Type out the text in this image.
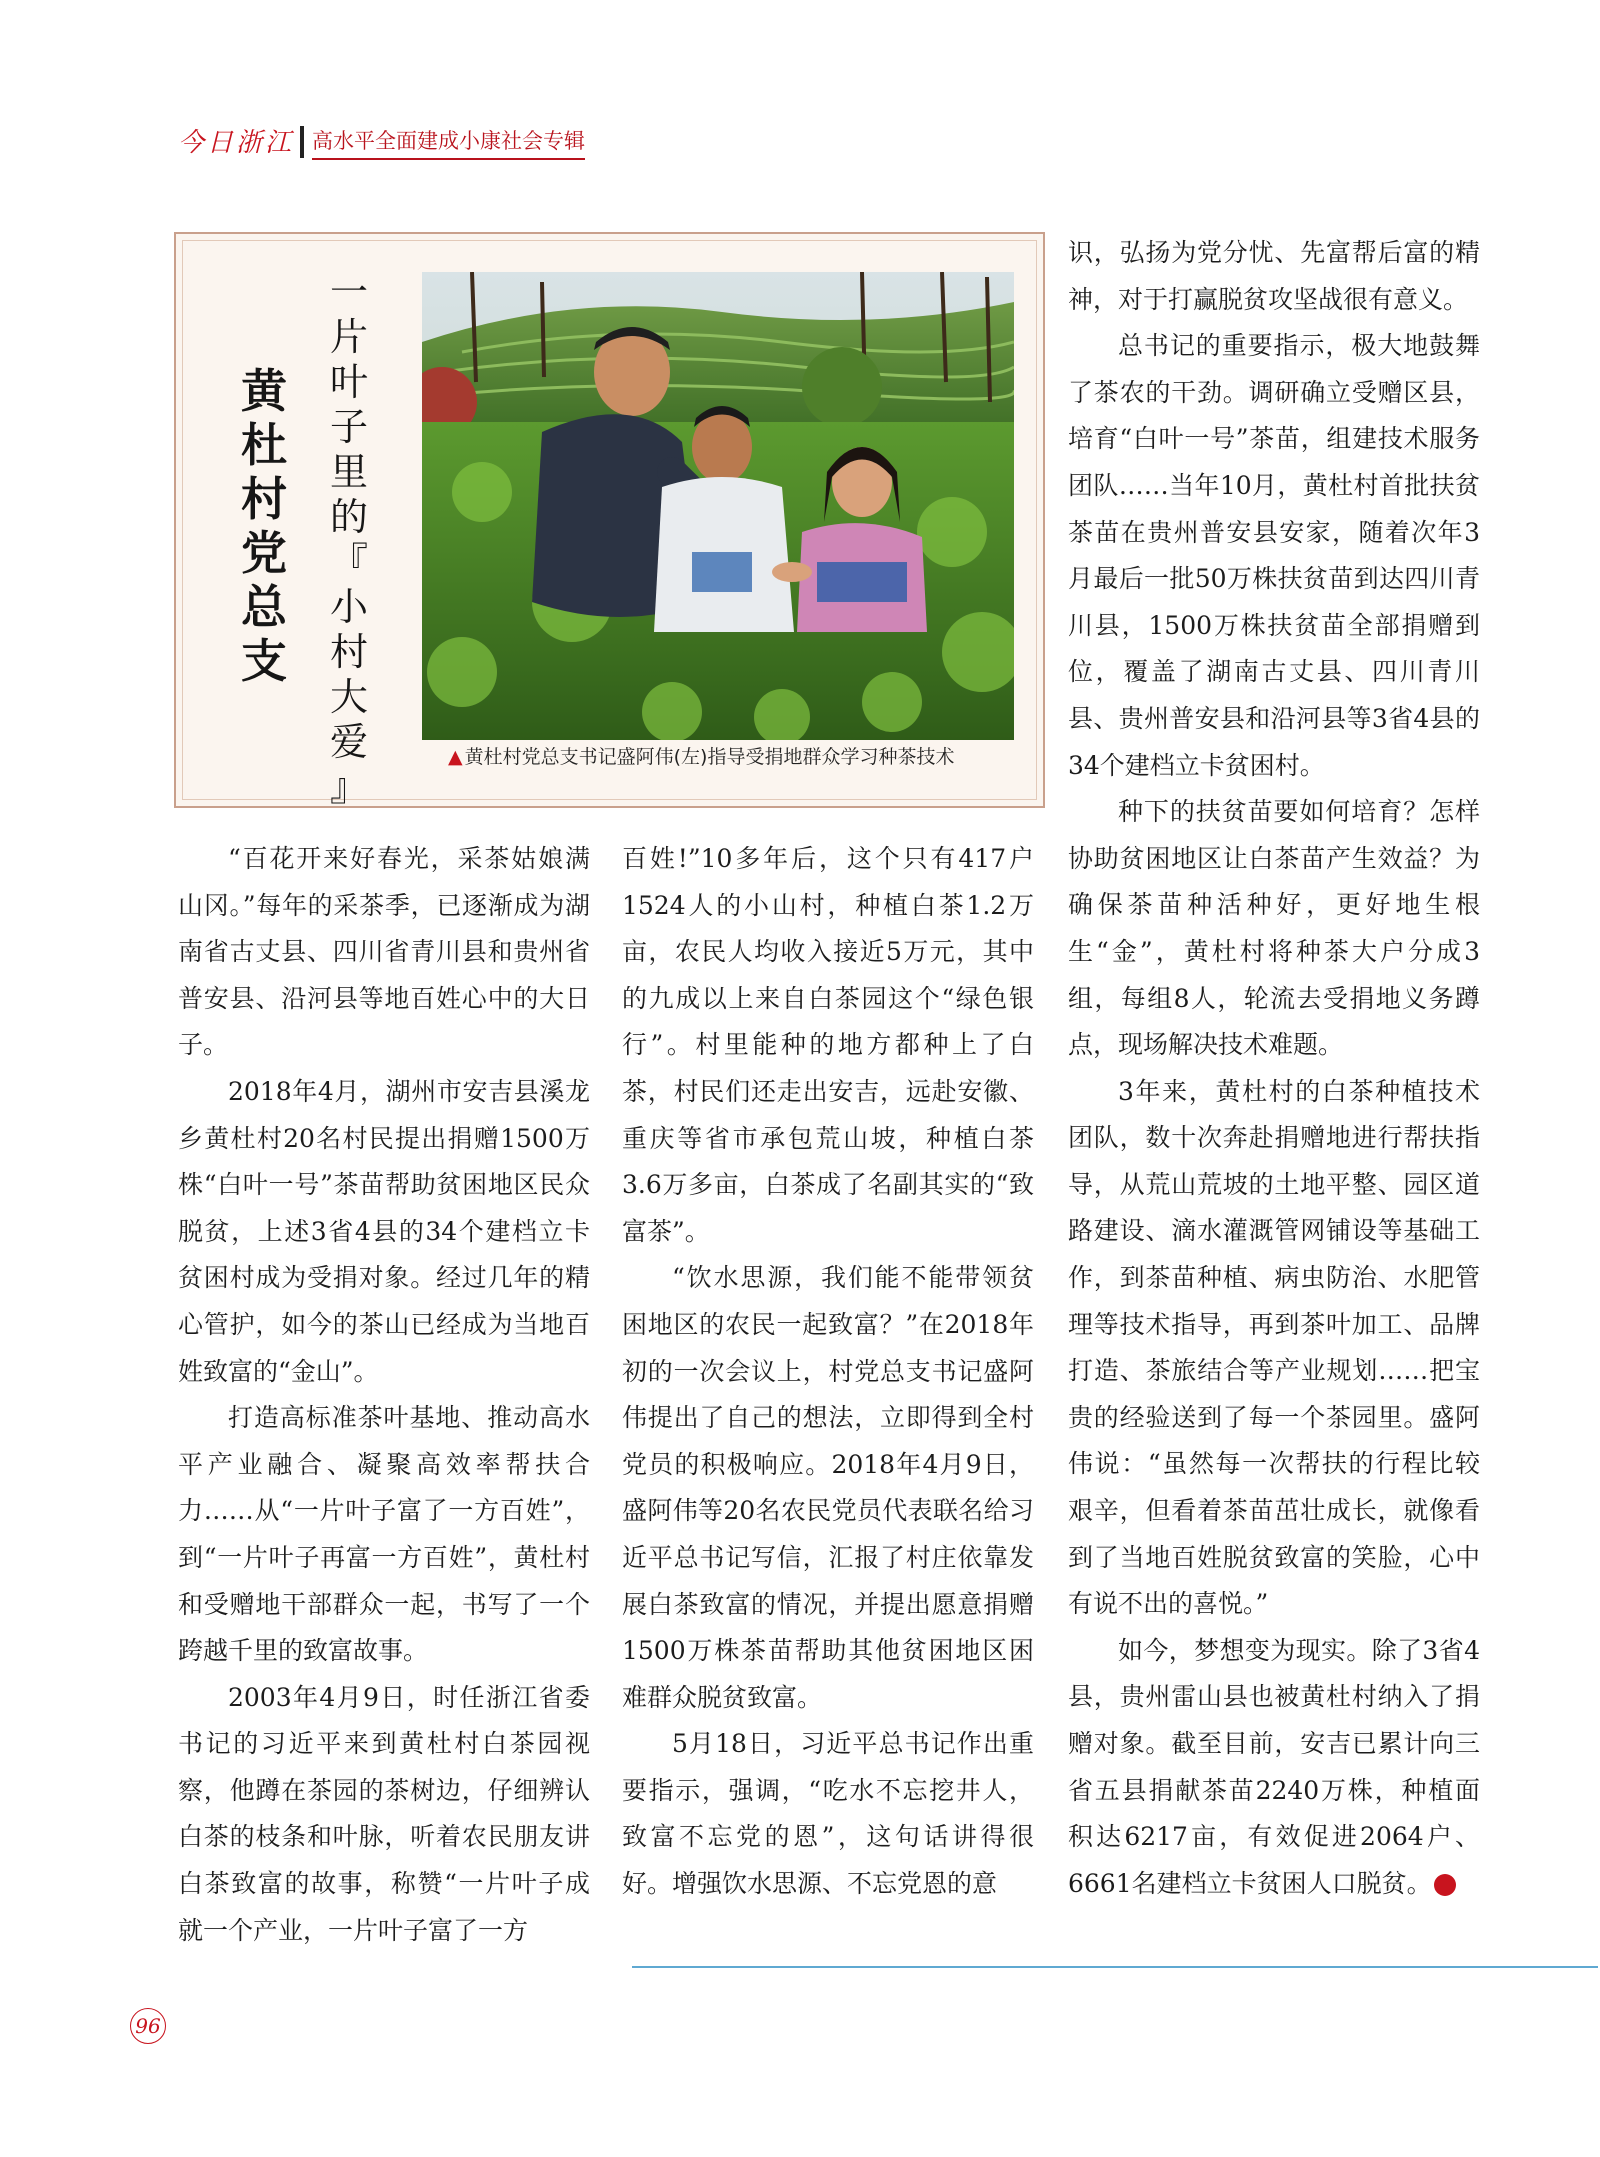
今日浙江 高水平全面建成小康社会专辑
黄
杜
村
党
总
支
一
片
叶
子
里
的
『
小
村
大
爱
』
▲ 黄杜村党总支书记盛阿伟(左)指导受捐地群众学习种茶技术

“百花开来好春光，采茶姑娘满山冈。”每年的采茶季，已逐渐成为湖南省古丈县、四川省青川县和贵州省普安县、沿河县等地百姓心中的大日子。

2018年4月，湖州市安吉县溪龙乡黄杜村20名村民提出捐赠1500万株“白叶一号”茶苗帮助贫困地区民众脱贫，上述3省4县的34个建档立卡贫困村成为受捐对象。经过几年的精心管护，如今的茶山已经成为当地百姓致富的“金山”。

打造高标准茶叶基地、推动高水平产业融合、凝聚高效率帮扶合力……从“一片叶子富了一方百姓”，到“一片叶子再富一方百姓”，黄杜村和受赠地干部群众一起，书写了一个跨越千里的致富故事。

2003年4月9日，时任浙江省委书记的习近平来到黄杜村白茶园视察，他蹲在茶园的茶树边，仔细辨认白茶的枝条和叶脉，听着农民朋友讲白茶致富的故事，称赞“一片叶子成就一个产业，一片叶子富了一方

百姓!”10多年后，这个只有417户1524人的小山村，种植白茶1.2万亩，农民人均收入接近5万元，其中的九成以上来自白茶园这个“绿色银行”。村里能种的地方都种上了白茶，村民们还走出安吉，远赴安徽、重庆等省市承包荒山坡，种植白茶3.6万多亩，白茶成了名副其实的“致富茶”。

“饮水思源，我们能不能带领贫困地区的农民一起致富？”在2018年初的一次会议上，村党总支书记盛阿伟提出了自己的想法，立即得到全村党员的积极响应。2018年4月9日，盛阿伟等20名农民党员代表联名给习近平总书记写信，汇报了村庄依靠发展白茶致富的情况，并提出愿意捐赠1500万株茶苗帮助其他贫困地区困难群众脱贫致富。

5月18日，习近平总书记作出重要指示，强调，“吃水不忘挖井人，致富不忘党的恩”，这句话讲得很好。增强饮水思源、不忘党恩的意

识，弘扬为党分忧、先富帮后富的精神，对于打赢脱贫攻坚战很有意义。

总书记的重要指示，极大地鼓舞了茶农的干劲。调研确立受赠区县，培育“白叶一号”茶苗，组建技术服务团队……当年10月，黄杜村首批扶贫茶苗在贵州普安县安家，随着次年3月最后一批50万株扶贫苗到达四川青川县，1500万株扶贫苗全部捐赠到位，覆盖了湖南古丈县、四川青川县、贵州普安县和沿河县等3省4县的34个建档立卡贫困村。

种下的扶贫苗要如何培育？怎样协助贫困地区让白茶苗产生效益？为确保茶苗种活种好，更好地生根生“金”，黄杜村将种茶大户分成3组，每组8人，轮流去受捐地义务蹲点，现场解决技术难题。

3年来，黄杜村的白茶种植技术团队，数十次奔赴捐赠地进行帮扶指导，从荒山荒坡的土地平整、园区道路建设、滴水灌溉管网铺设等基础工作，到茶苗种植、病虫防治、水肥管理等技术指导，再到茶叶加工、品牌打造、茶旅结合等产业规划……把宝贵的经验送到了每一个茶园里。盛阿伟说：“虽然每一次帮扶的行程比较艰辛，但看着茶苗茁壮成长，就像看到了当地百姓脱贫致富的笑脸，心中有说不出的喜悦。”

如今，梦想变为现实。除了3省4县，贵州雷山县也被黄杜村纳入了捐赠对象。截至目前，安吉已累计向三省五县捐献茶苗2240万株，种植面积达6217亩，有效促进2064户、6661名建档立卡贫困人口脱贫。	今

96
